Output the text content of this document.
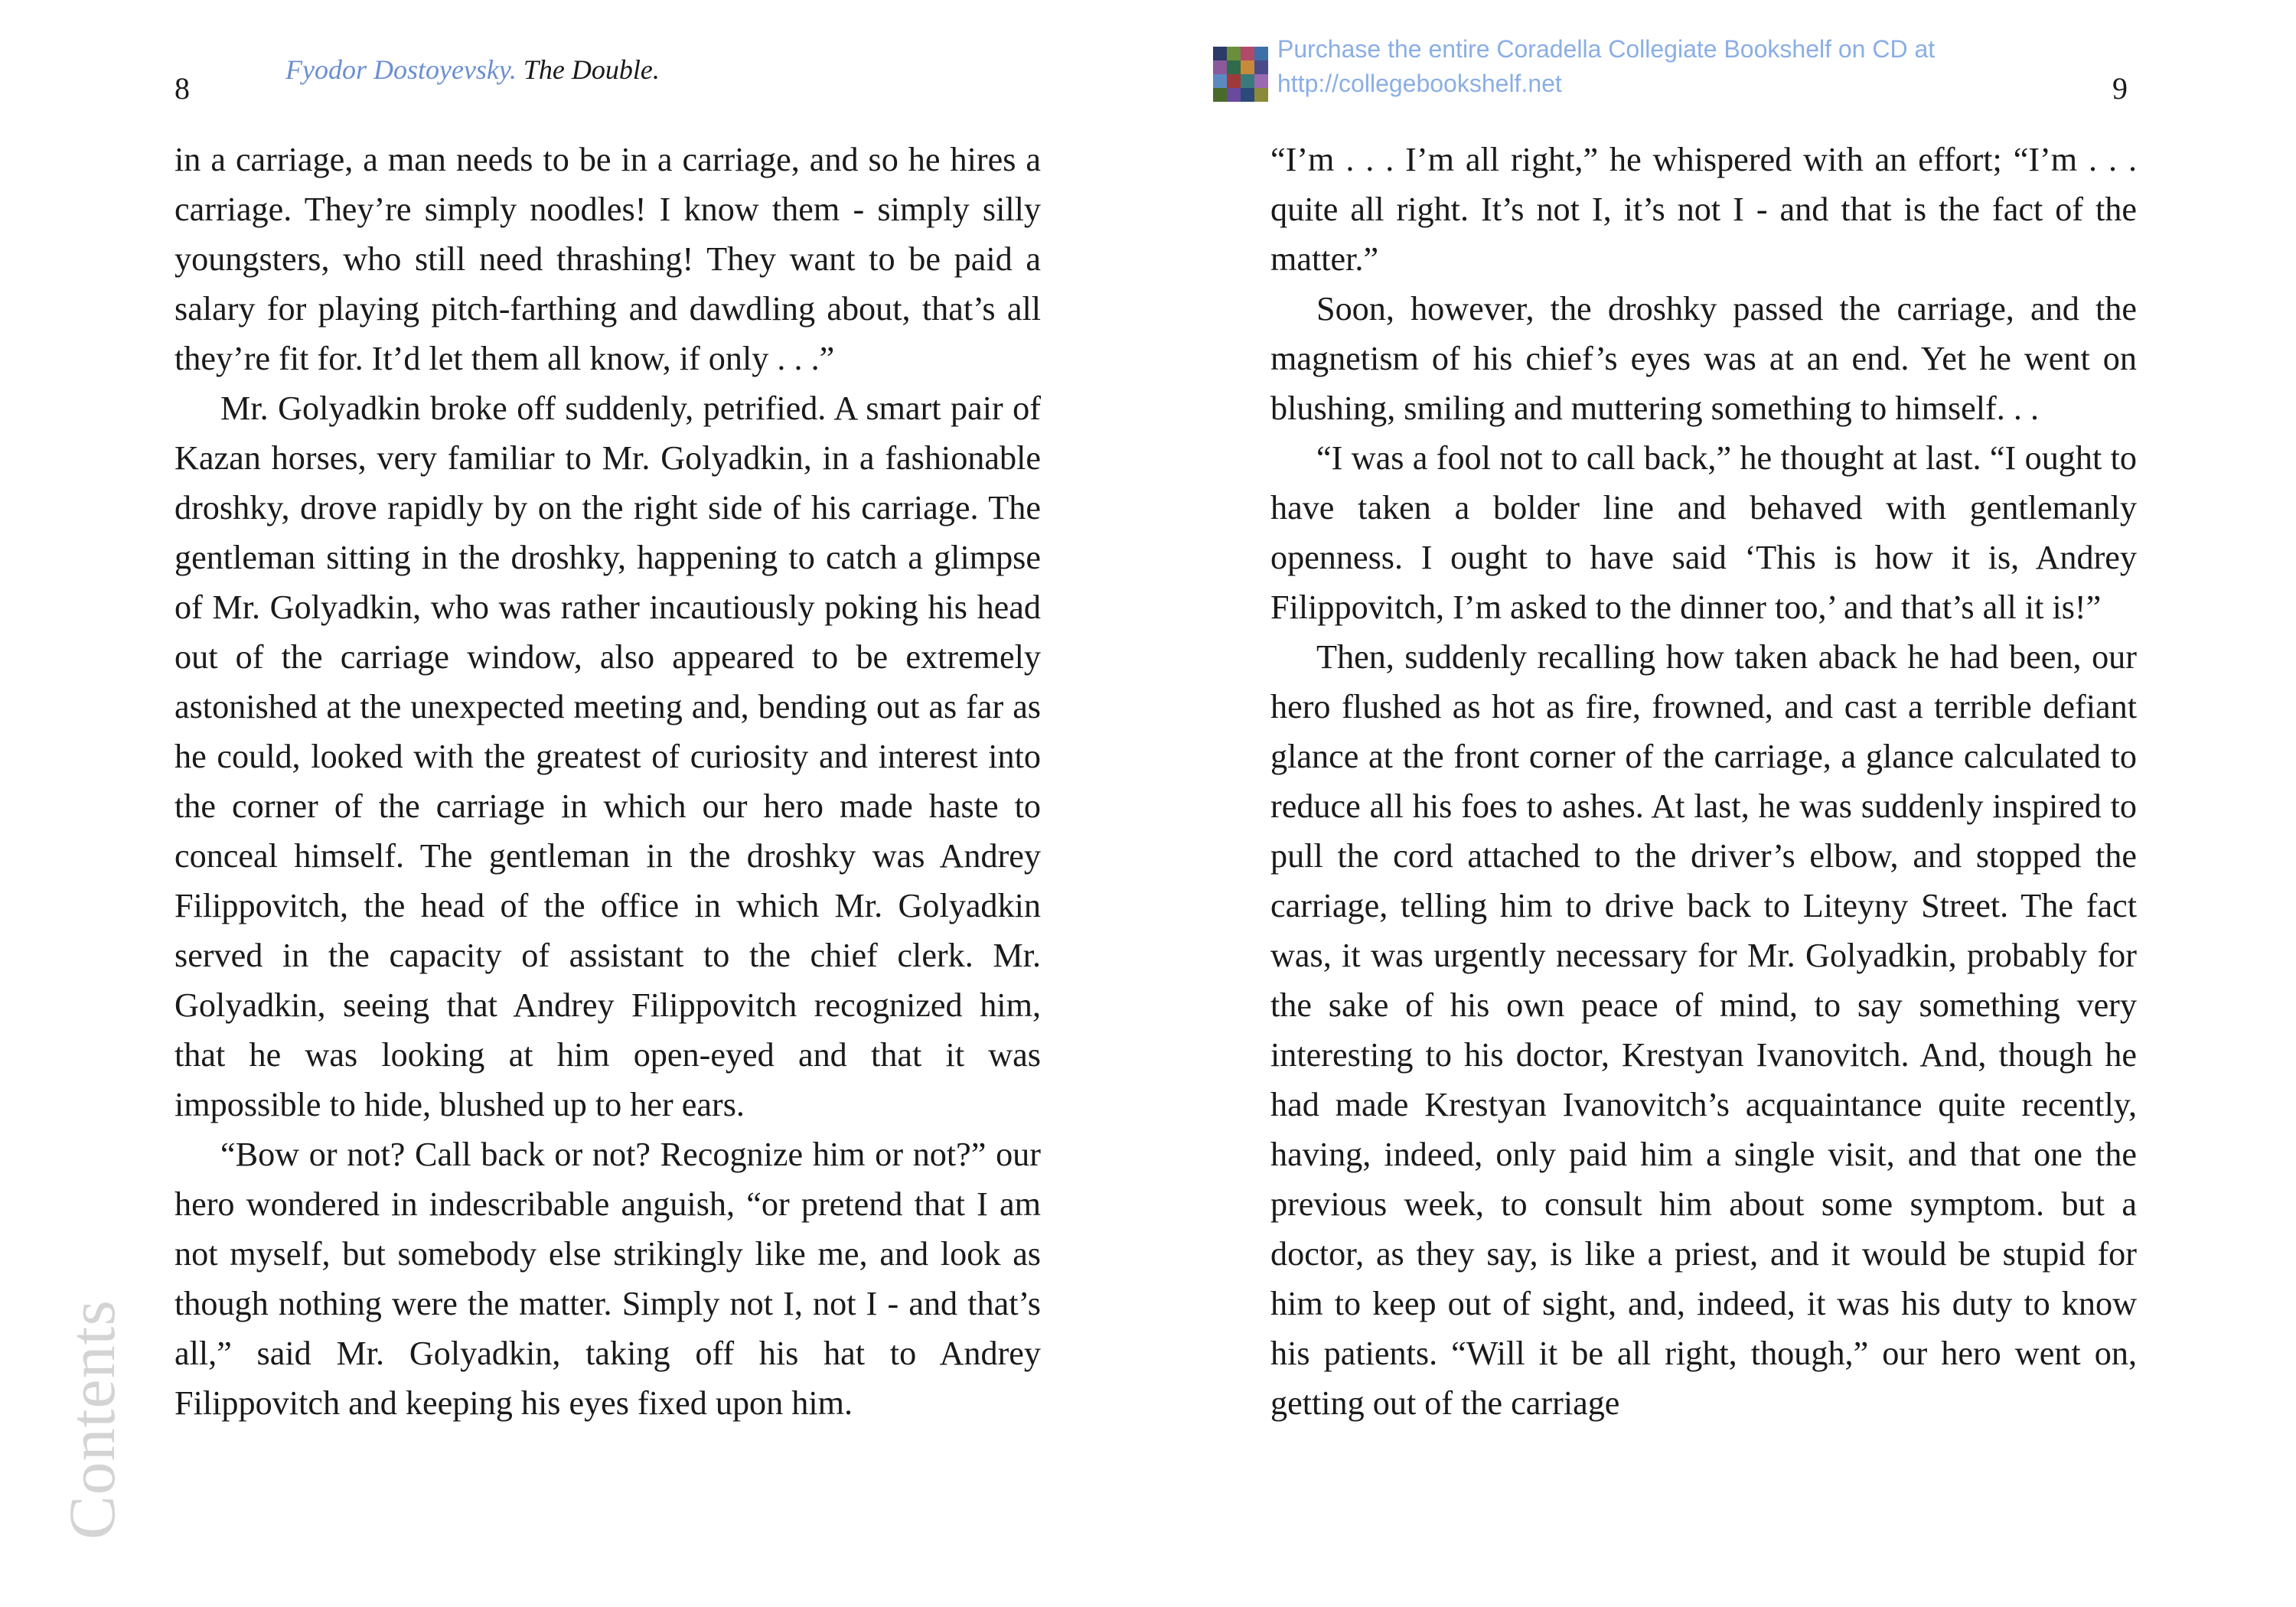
8
Fyodor Dostoyevsky. The Double.

in a carriage, a man needs to be in a carriage, and so he hires a carriage. They’re simply noodles! I know them - simply silly youngsters, who still need thrashing! They want to be paid a salary for playing pitch-farthing and dawdling about, that’s all they’re fit for. It’d let them all know, if only . . .”

Mr. Golyadkin broke off suddenly, petrified. A smart pair of Kazan horses, very familiar to Mr. Golyadkin, in a fashionable droshky, drove rapidly by on the right side of his carriage. The gentleman sitting in the droshky, happening to catch a glimpse of Mr. Golyadkin, who was rather incautiously poking his head out of the carriage window, also appeared to be extremely astonished at the unexpected meeting and, bending out as far as he could, looked with the greatest of curiosity and interest into the corner of the carriage in which our hero made haste to conceal himself. The gentleman in the droshky was Andrey Filippovitch, the head of the office in which Mr. Golyadkin served in the capacity of assistant to the chief clerk. Mr. Golyadkin, seeing that Andrey Filippovitch recognized him, that he was looking at him open-eyed and that it was impossible to hide, blushed up to her ears.

“Bow or not? Call back or not? Recognize him or not?” our hero wondered in indescribable anguish, “or pretend that I am not myself, but somebody else strikingly like me, and look as though nothing were the matter. Simply not I, not I - and that’s all,” said Mr. Golyadkin, taking off his hat to Andrey Filippovitch and keeping his eyes fixed upon him.

Contents
Purchase the entire Coradella Collegiate Bookshelf on CD at
http://collegebookshelf.net	9

“I’m . . . I’m all right,” he whispered with an effort; “I’m . . . quite all right. It’s not I, it’s not I - and that is the fact of the matter.”

Soon, however, the droshky passed the carriage, and the magnetism of his chief’s eyes was at an end. Yet he went on blushing, smiling and muttering something to himself. . .

“I was a fool not to call back,” he thought at last. “I ought to have taken a bolder line and behaved with gentlemanly openness. I ought to have said ‘This is how it is, Andrey Filippovitch, I’m asked to the dinner too,’ and that’s all it is!”

Then, suddenly recalling how taken aback he had been, our hero flushed as hot as fire, frowned, and cast a terrible defiant glance at the front corner of the carriage, a glance calculated to reduce all his foes to ashes. At last, he was suddenly inspired to pull the cord attached to the driver’s elbow, and stopped the carriage, telling him to drive back to Liteyny Street. The fact was, it was urgently necessary for Mr. Golyadkin, probably for the sake of his own peace of mind, to say something very interesting to his doctor, Krestyan Ivanovitch. And, though he had made Krestyan Ivanovitch’s acquaintance quite recently, having, indeed, only paid him a single visit, and that one the previous week, to consult him about some symptom. but a doctor, as they say, is like a priest, and it would be stupid for him to keep out of sight, and, indeed, it was his duty to know his patients. “Will it be all right, though,” our hero went on, getting out of the carriage
